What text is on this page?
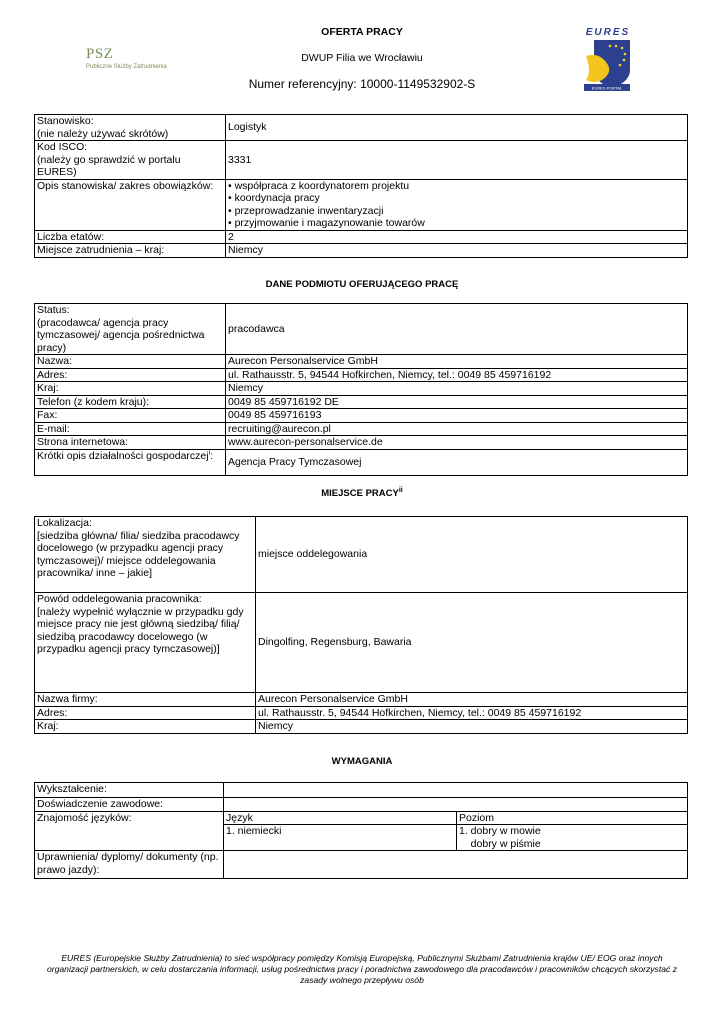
PSZ
Publiczne Służby Zatrudnienia
OFERTA PRACY
DWUP Filia we Wrocławiu
Numer referencyjny: 10000-1149532902-S
EURES
EURES PORTAL
Stanowisko:
(nie należy używać skrótów)	Logistyk
Kod ISCO:
(należy go sprawdzić w portalu EURES)	3331
Opis stanowiska/ zakres obowiązków:	• współpraca z koordynatorem projektu
• koordynacja pracy
• przeprowadzanie inwentaryzacji
• przyjmowanie i magazynowanie towarów

Liczba etatów:	2
Miejsce zatrudnienia – kraj:	Niemcy
DANE PODMIOTU OFERUJĄCEGO PRACĘ
Status:
(pracodawca/ agencja pracy tymczasowej/ agencja pośrednictwa pracy)	pracodawca
Nazwa:	Aurecon Personalservice GmbH
Adres:	ul. Rathausstr. 5, 94544 Hofkirchen, Niemcy, tel.: 0049 85 459716192
Kraj:	Niemcy
Telefon (z kodem kraju):	0049 85 459716192 DE
Fax:	0049 85 459716193
E-mail:	recruiting@aurecon.pl
Strona internetowa:	www.aurecon-personalservice.de
Krótki opis działalności gospodarczej$^i$:	Agencja Pracy Tymczasowej
MIEJSCE PRACY$^{ii}$
Lokalizacja:
[siedziba główna/ filia/ siedziba pracodawcy docelowego (w przypadku agencji pracy tymczasowej)/ miejsce oddelegowania pracownika/ inne – jakie]	miejsce oddelegowania
Powód oddelegowania pracownika:
[należy wypełnić wyłącznie w przypadku gdy miejsce pracy nie jest główną siedzibą/ filią/ siedzibą pracodawcy docelowego (w przypadku agencji pracy tymczasowej)]	Dingolfing, Regensburg, Bawaria
Nazwa firmy:	Aurecon Personalservice GmbH
Adres:	ul. Rathausstr. 5, 94544 Hofkirchen, Niemcy, tel.: 0049 85 459716192
Kraj:	Niemcy
WYMAGANIA
Wykształcenie:		
Doświadczenie zawodowe:		
Znajomość języków:	Język	Poziom
	1. niemiecki	1. dobry w mowie
dobry w piśmie
Uprawnienia/ dyplomy/ dokumenty (np. prawo jazdy):		
EURES (Europejskie Służby Zatrudnienia) to sieć współpracy pomiędzy Komisją Europejską, Publicznymi Służbami Zatrudnienia krajów UE/ EOG oraz innych organizacji partnerskich, w celu dostarczania informacji, usług pośrednictwa pracy i poradnictwa zawodowego dla pracodawców i pracowników chcących skorzystać z zasady wolnego przepływu osób
